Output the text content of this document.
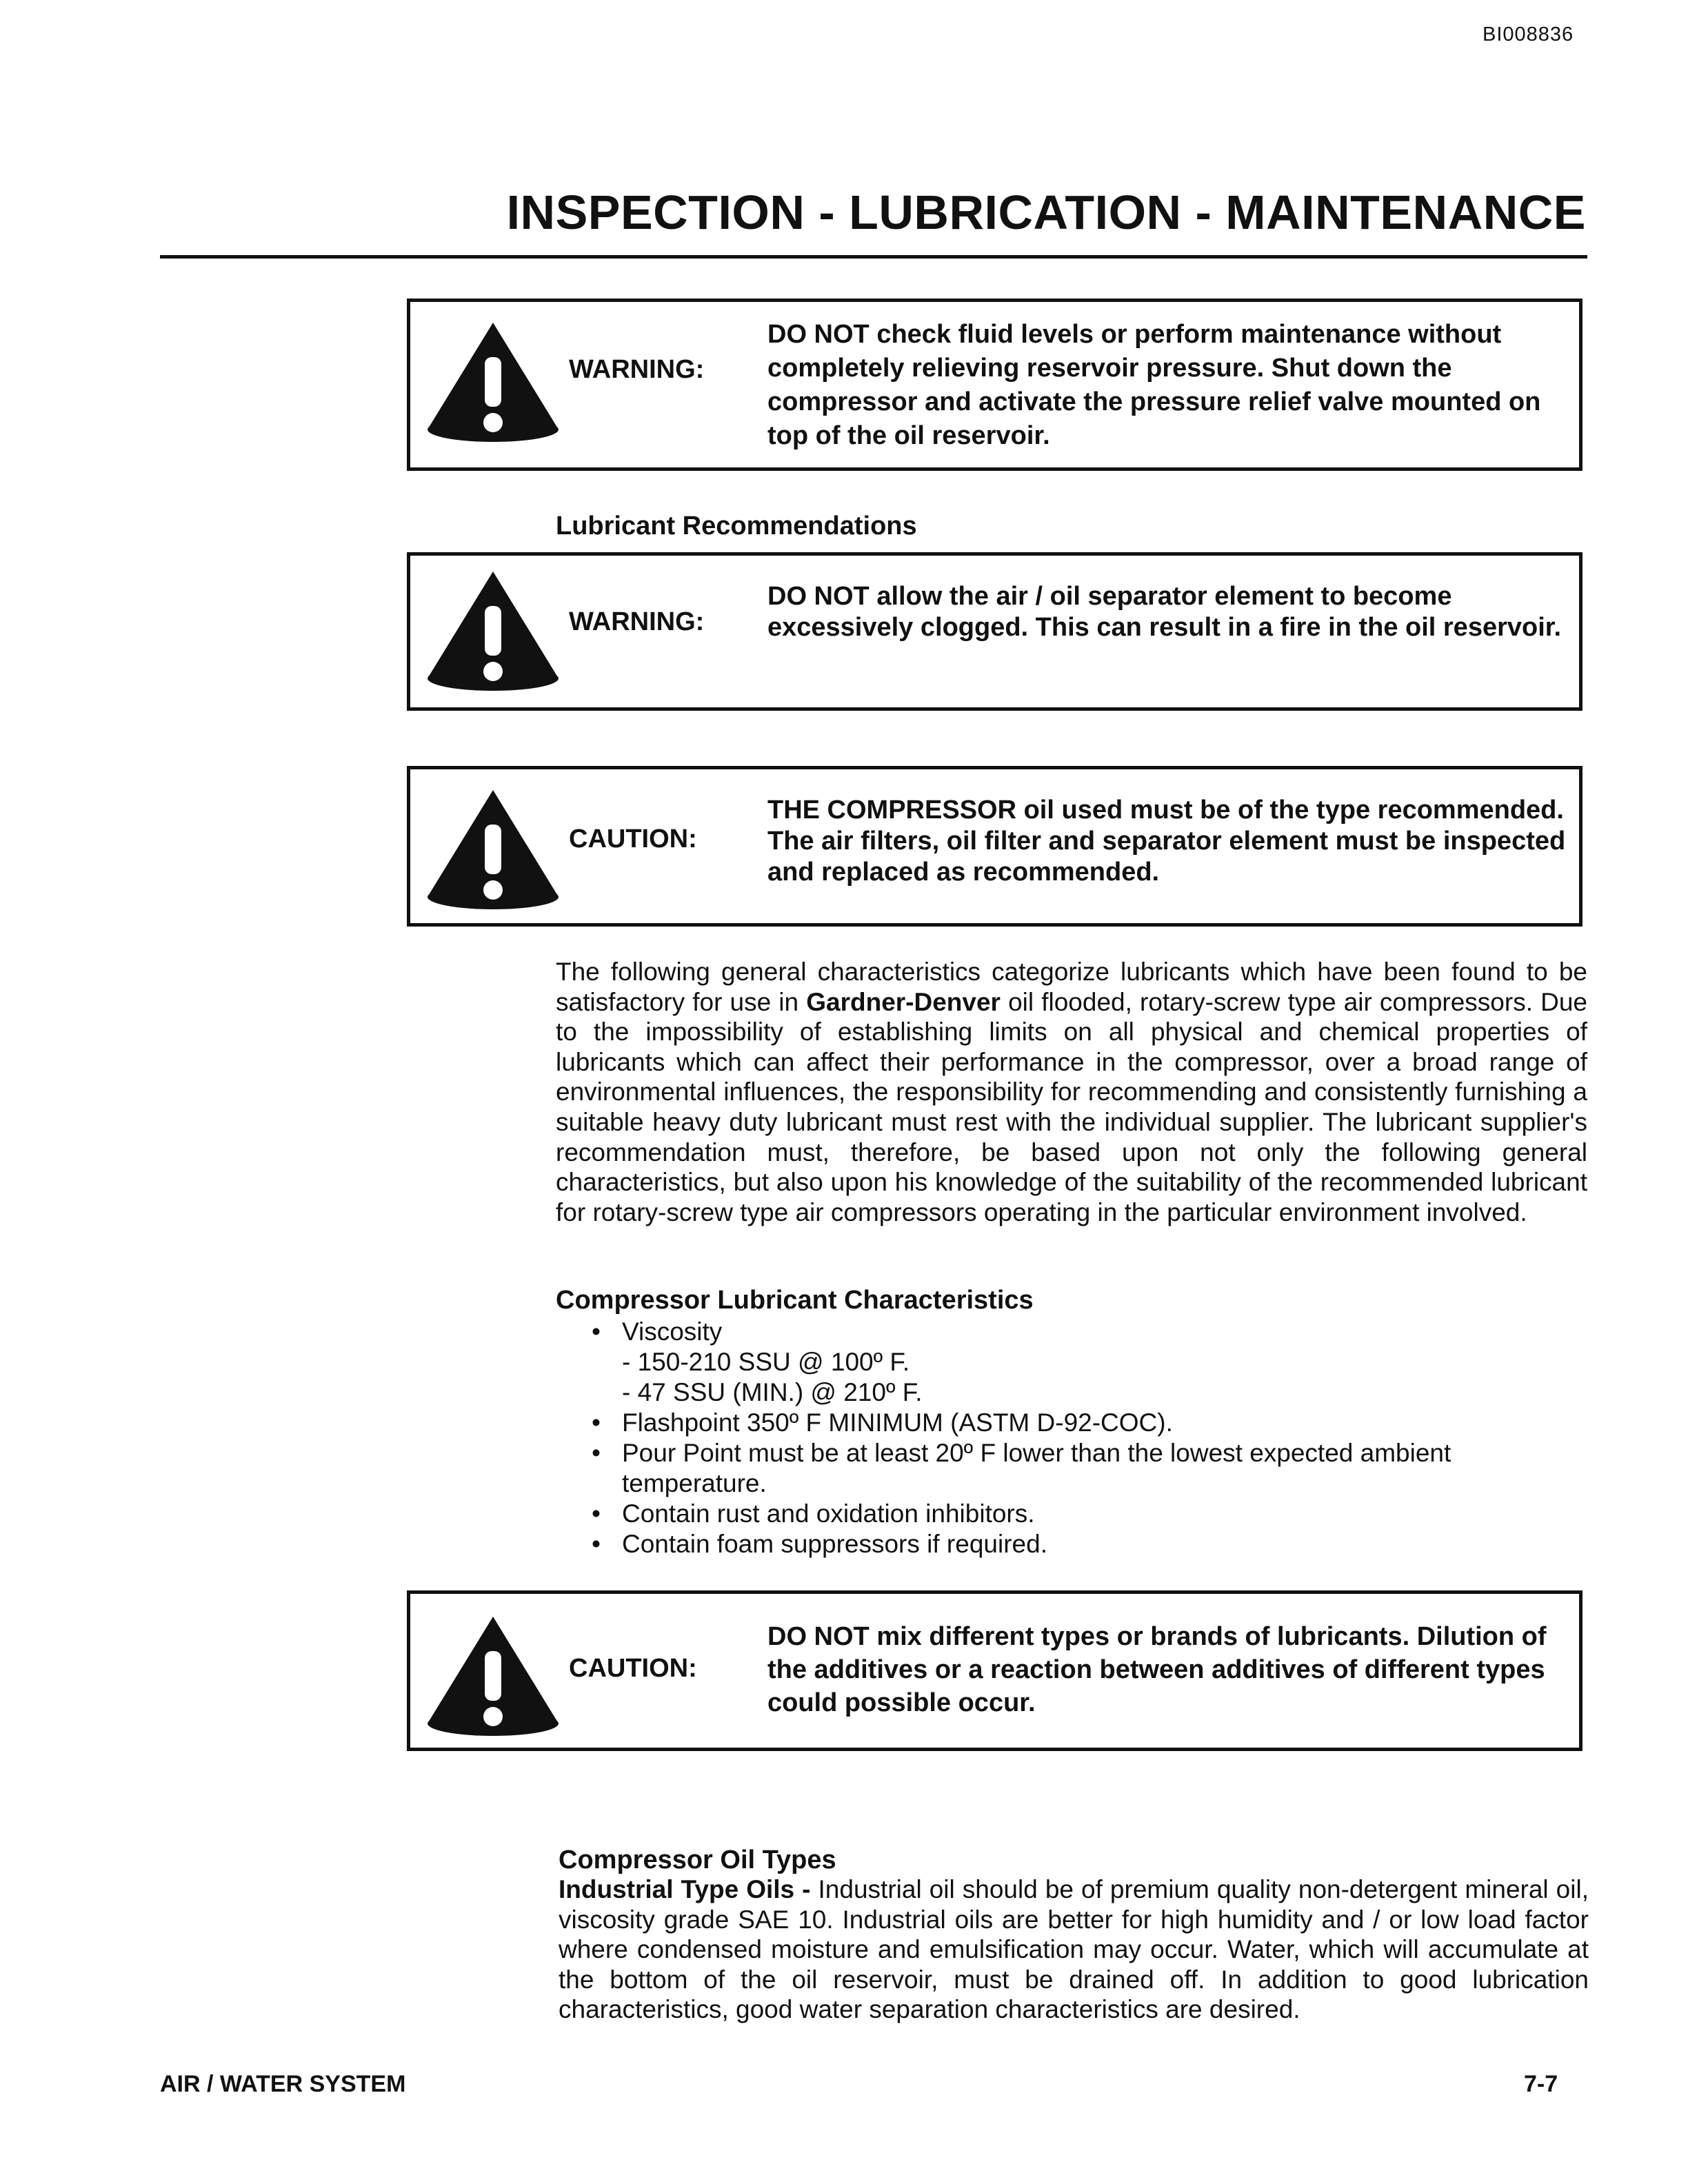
BI008836
INSPECTION - LUBRICATION - MAINTENANCE
WARNING:
DO NOT check fluid levels or perform maintenance without completely relieving reservoir pressure. Shut down the compressor and activate the pressure relief valve mounted on top of the oil reservoir.
Lubricant Recommendations
WARNING:
DO NOT allow the air / oil separator element to become excessively clogged. This can result in a fire in the oil reservoir.
CAUTION:
THE COMPRESSOR oil used must be of the type recommended. The air filters, oil filter and separator element must be inspected and replaced as recommended.

The following general characteristics categorize lubricants which have been found to be satisfactory for use in Gardner-Denver oil flooded, rotary-screw type air compressors. Due to the impossibility of establishing limits on all physical and chemical properties of lubricants which can affect their performance in the compressor, over a broad range of environmental influences, the responsibility for recommending and consistently furnishing a suitable heavy duty lubricant must rest with the individual supplier. The lubricant supplier's recommendation must, therefore, be based upon not only the following general characteristics, but also upon his knowledge of the suitability of the recommended lubricant for rotary-screw type air compressors operating in the particular environment involved.

Compressor Lubricant Characteristics
• Viscosity
- 150-210 SSU @ 100º F.
- 47 SSU (MIN.) @ 210º F.
• Flashpoint 350º F MINIMUM (ASTM D-92-COC).
• Pour Point must be at least 20º F lower than the lowest expected ambient temperature.
• Contain rust and oxidation inhibitors.
• Contain foam suppressors if required.
CAUTION:
DO NOT mix different types or brands of lubricants. Dilution of the additives or a reaction between additives of different types could possible occur.
Compressor Oil Types

Industrial Type Oils - Industrial oil should be of premium quality non-detergent mineral oil, viscosity grade SAE 10. Industrial oils are better for high humidity and / or low load factor where condensed moisture and emulsification may occur. Water, which will accumulate at the bottom of the oil reservoir, must be drained off. In addition to good lubrication characteristics, good water separation characteristics are desired.

AIR / WATER SYSTEM	7-7
